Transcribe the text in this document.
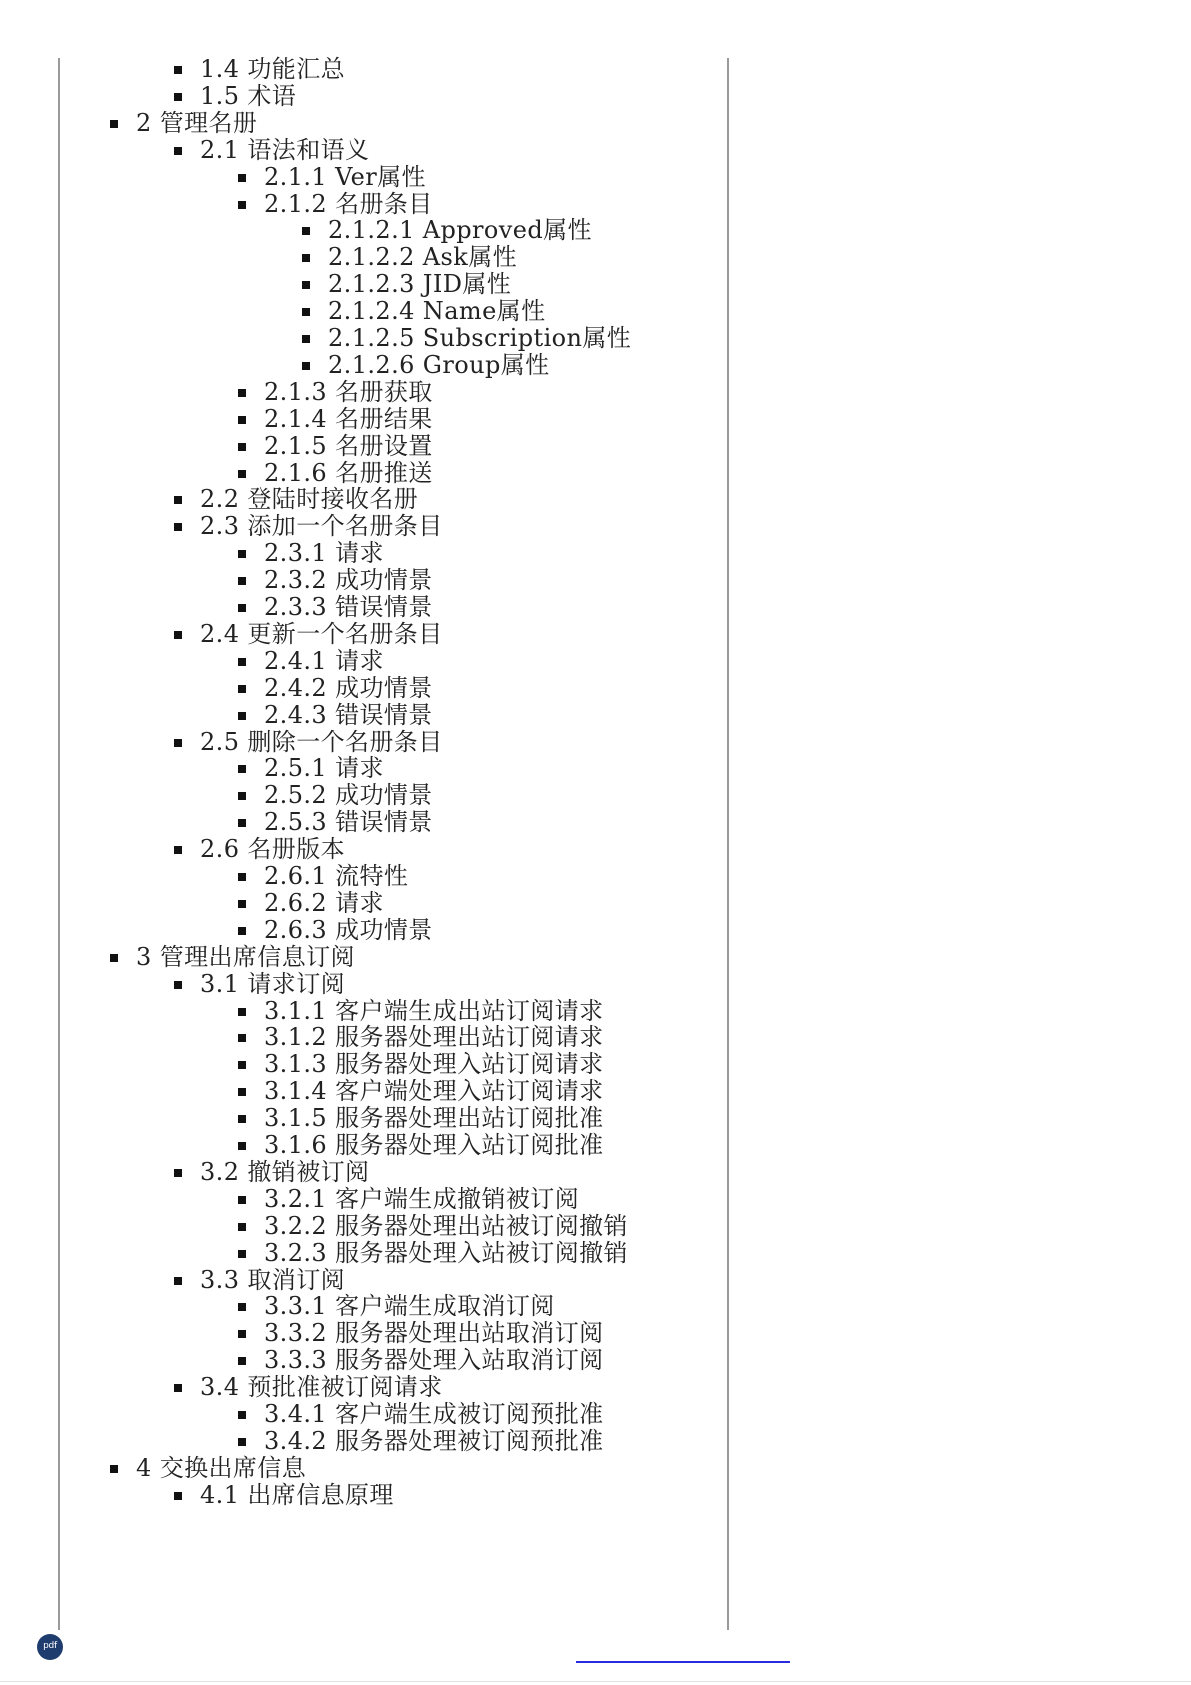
1.4 功能汇总
1.5 术语
2 管理名册
2.1 语法和语义
2.1.1 Ver属性
2.1.2 名册条目
2.1.2.1 Approved属性
2.1.2.2 Ask属性
2.1.2.3 JID属性
2.1.2.4 Name属性
2.1.2.5 Subscription属性
2.1.2.6 Group属性
2.1.3 名册获取
2.1.4 名册结果
2.1.5 名册设置
2.1.6 名册推送
2.2 登陆时接收名册
2.3 添加一个名册条目
2.3.1 请求
2.3.2 成功情景
2.3.3 错误情景
2.4 更新一个名册条目
2.4.1 请求
2.4.2 成功情景
2.4.3 错误情景
2.5 删除一个名册条目
2.5.1 请求
2.5.2 成功情景
2.5.3 错误情景
2.6 名册版本
2.6.1 流特性
2.6.2 请求
2.6.3 成功情景
3 管理出席信息订阅
3.1 请求订阅
3.1.1 客户端生成出站订阅请求
3.1.2 服务器处理出站订阅请求
3.1.3 服务器处理入站订阅请求
3.1.4 客户端处理入站订阅请求
3.1.5 服务器处理出站订阅批准
3.1.6 服务器处理入站订阅批准
3.2 撤销被订阅
3.2.1 客户端生成撤销被订阅
3.2.2 服务器处理出站被订阅撤销
3.2.3 服务器处理入站被订阅撤销
3.3 取消订阅
3.3.1 客户端生成取消订阅
3.3.2 服务器处理出站取消订阅
3.3.3 服务器处理入站取消订阅
3.4 预批准被订阅请求
3.4.1 客户端生成被订阅预批准
3.4.2 服务器处理被订阅预批准
4 交换出席信息
4.1 出席信息原理
pdf
